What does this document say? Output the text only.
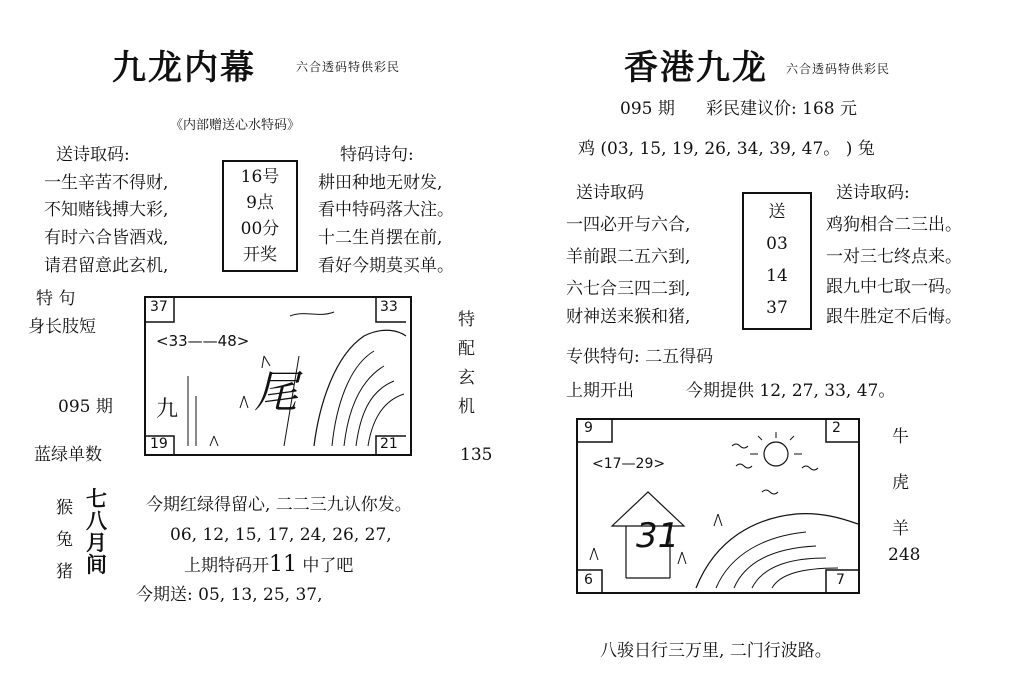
九龙内幕	六合透码特供彩民
《内部赠送心水特码》
送诗取码:
一生辛苦不得财,
不知赌钱搏大彩,
有时六合皆酒戏,
请君留意此玄机,
16号
9点
00分
开奖
特码诗句:
耕田种地无财发,
看中特码落大注。
十二生肖摆在前,
看好今期莫买单。
特 句
身长肢短
095 期
蓝绿单数
37	33
19	21
<33——48>
尾
九
特
配
玄
机
135
猴
兔
猪
七
八
月
间
今期红绿得留心, 二二三九认你发。
06, 12, 15, 17, 24, 26, 27,
上期特码开11 中了吧
今期送: 05, 13, 25, 37,
香港九龙 六合透码特供彩民
095 期 彩民建议价: 168 元
鸡 (03, 15, 19, 26, 34, 39, 47。 ) 兔
送诗取码
一四必开与六合,
羊前跟二五六到,
六七合三四二到,
财神送来猴和猪,
送
03
14
37
送诗取码:
鸡狗相合二三出。
一对三七终点来。
跟九中七取一码。
跟牛胜定不后悔。
专供特句: 二五得码
上期开出	今期提供 12, 27, 33, 47。
9	2
6	7
<17—29>
31
牛
虎
羊
248
八骏日行三万里, 二门行波路。
